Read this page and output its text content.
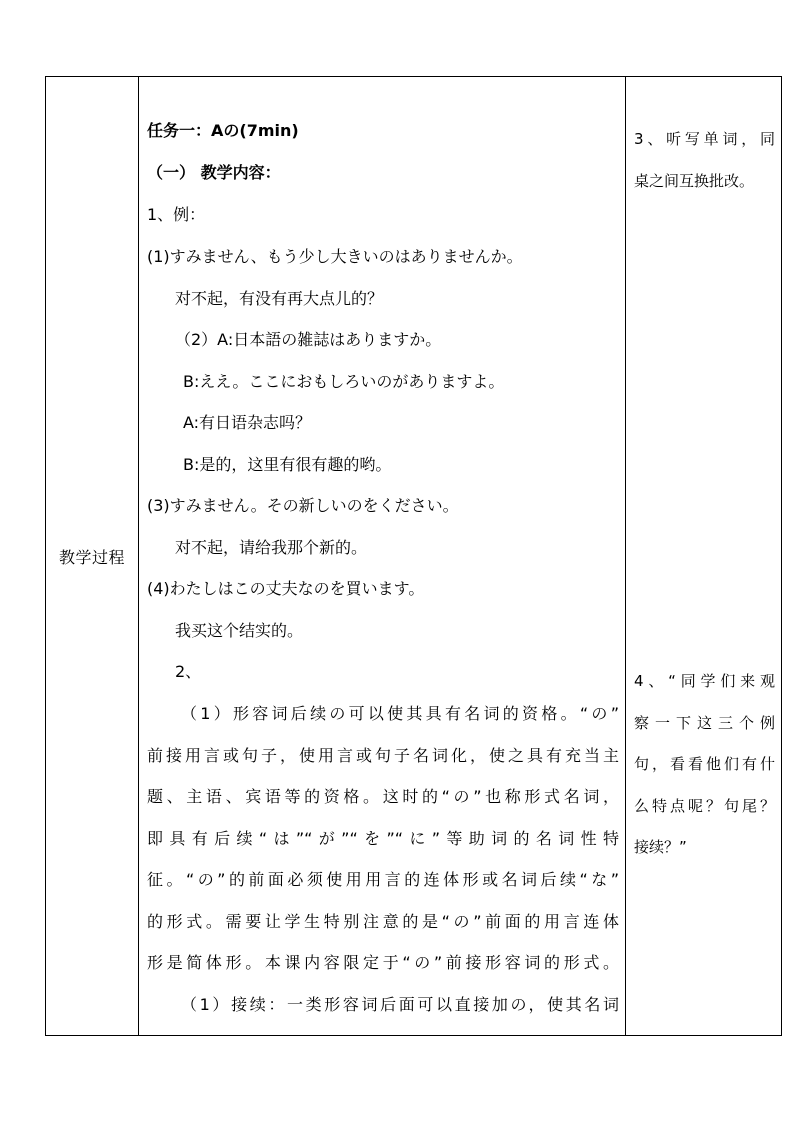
教学过程

任务一：Aの(7min)
（一） 教学内容：
1、例：
(1)すみません、もう少し大きいのはありませんか。
对不起，有没有再大点儿的？
（2）A:日本語の雑誌はありますか。
B:ええ。ここにおもしろいのがありますよ。
A:有日语杂志吗？
B:是的，这里有很有趣的哟。
(3)すみません。その新しいのをください。
对不起，请给我那个新的。
(4)わたしはこの丈夫なのを買います。
我买这个结实的。
2、
（1）形容词后续の可以使其具有名词的资格。“の”
前接用言或句子，使用言或句子名词化，使之具有充当主
题、主语、宾语等的资格。这时的“の”也称形式名词，
即具有后续“は”“が”“を”“に”等助词的名词性特
征。“の”的前面必须使用用言的连体形或名词后续“な”
的形式。需要让学生特别注意的是“の”前面的用言连体
形是简体形。本课内容限定于“の”前接形容词的形式。
（1）接续：一类形容词后面可以直接加の，使其名词

3、听写单词，同
桌之间互换批改。
4、“同学们来观
察一下这三个例
句，看看他们有什
么特点呢？句尾？
接续？”
